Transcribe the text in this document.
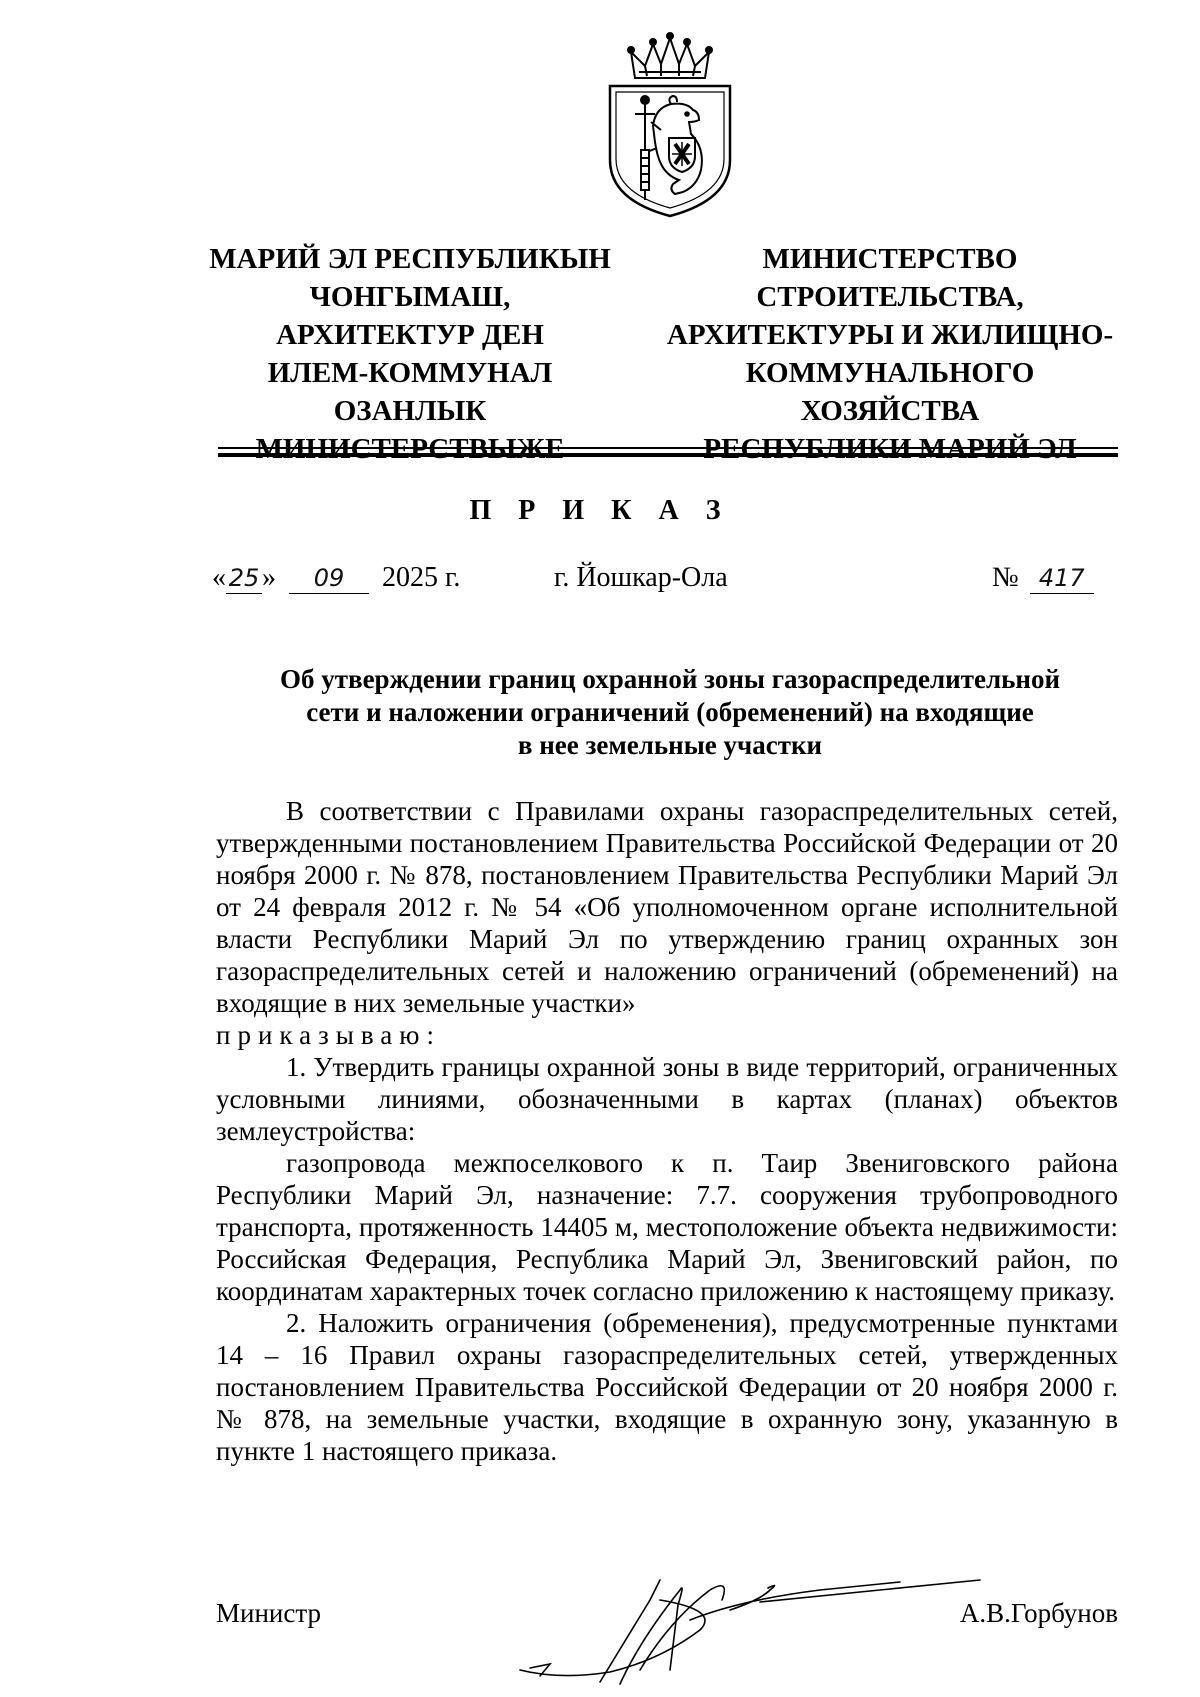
МАРИЙ ЭЛ РЕСПУБЛИКЫН
ЧОНГЫМАШ,
АРХИТЕКТУР ДЕН
ИЛЕМ-КОММУНАЛ
ОЗАНЛЫК
МИНИСТЕРСТВЫЖЕ
МИНИСТЕРСТВО
СТРОИТЕЛЬСТВА,
АРХИТЕКТУРЫ И ЖИЛИЩНО-
КОММУНАЛЬНОГО
ХОЗЯЙСТВА
РЕСПУБЛИКИ МАРИЙ ЭЛ
П Р И К А З
« 25» 09 2025 г.	г. Йошкар-Ола	№ 417
Об утверждении границ охранной зоны газораспределительной
сети и наложении ограничений (обременений) на входящие
в нее земельные участки

В соответствии с Правилами охраны газораспределительных сетей, утвержденными постановлением Правительства Российской Федерации от 20 ноября 2000 г. № 878, постановлением Правительства Республики Марий Эл от 24 февраля 2012 г. № 54 «Об уполномоченном органе исполнительной власти Республики Марий Эл по утверждению границ охранных зон газораспределительных сетей и наложению ограничений (обременений) на входящие в них земельные участки»

приказываю:

1. Утвердить границы охранной зоны в виде территорий, ограниченных условными линиями, обозначенными в картах (планах) объектов землеустройства:

газопровода межпоселкового к п. Таир Звениговского района Республики Марий Эл, назначение: 7.7. сооружения трубопроводного транспорта, протяженность 14405 м, местоположение объекта недвижимости: Российская Федерация, Республика Марий Эл, Звениговский район, по координатам характерных точек согласно приложению к настоящему приказу.

2. Наложить ограничения (обременения), предусмотренные пунктами 14 – 16 Правил охраны газораспределительных сетей, утвержденных постановлением Правительства Российской Федерации от 20 ноября 2000 г. № 878, на земельные участки, входящие в охранную зону, указанную в пункте 1 настоящего приказа.

Министр	А.В.Горбунов
